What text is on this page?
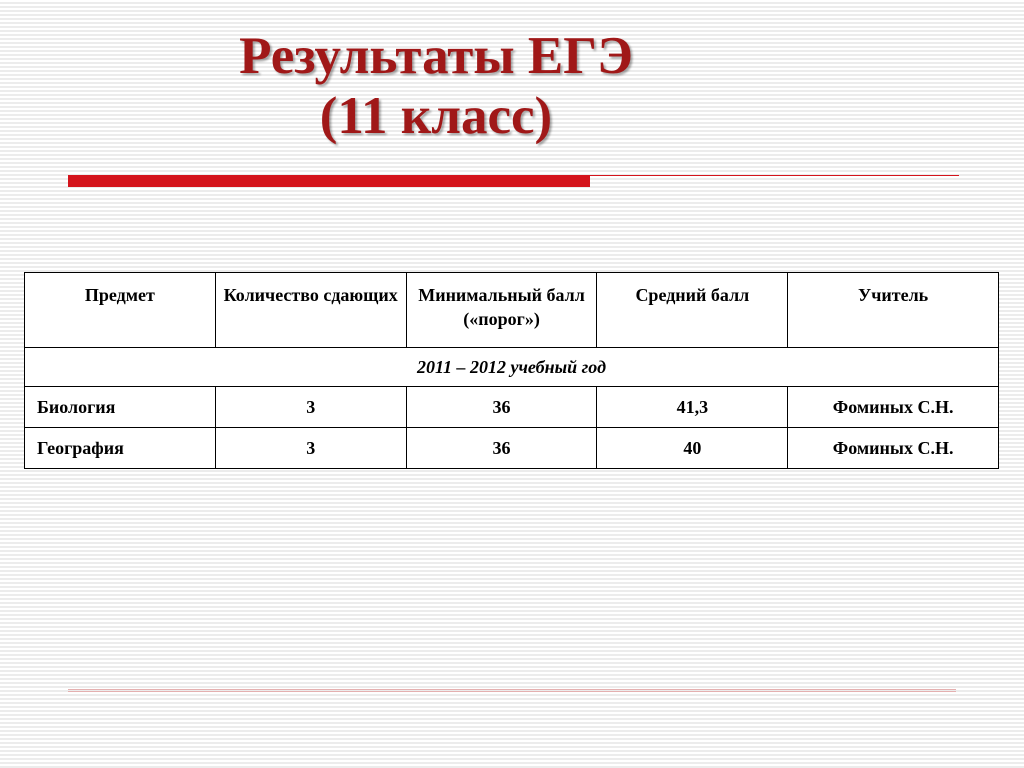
Результаты ЕГЭ
(11 класс)
Предмет	Количество сдающих	Минимальный балл («порог»)	Средний балл	Учитель
2011 – 2012 учебный год				
Биология	3	36	41,3	Фоминых С.Н.
География	3	36	40	Фоминых С.Н.
